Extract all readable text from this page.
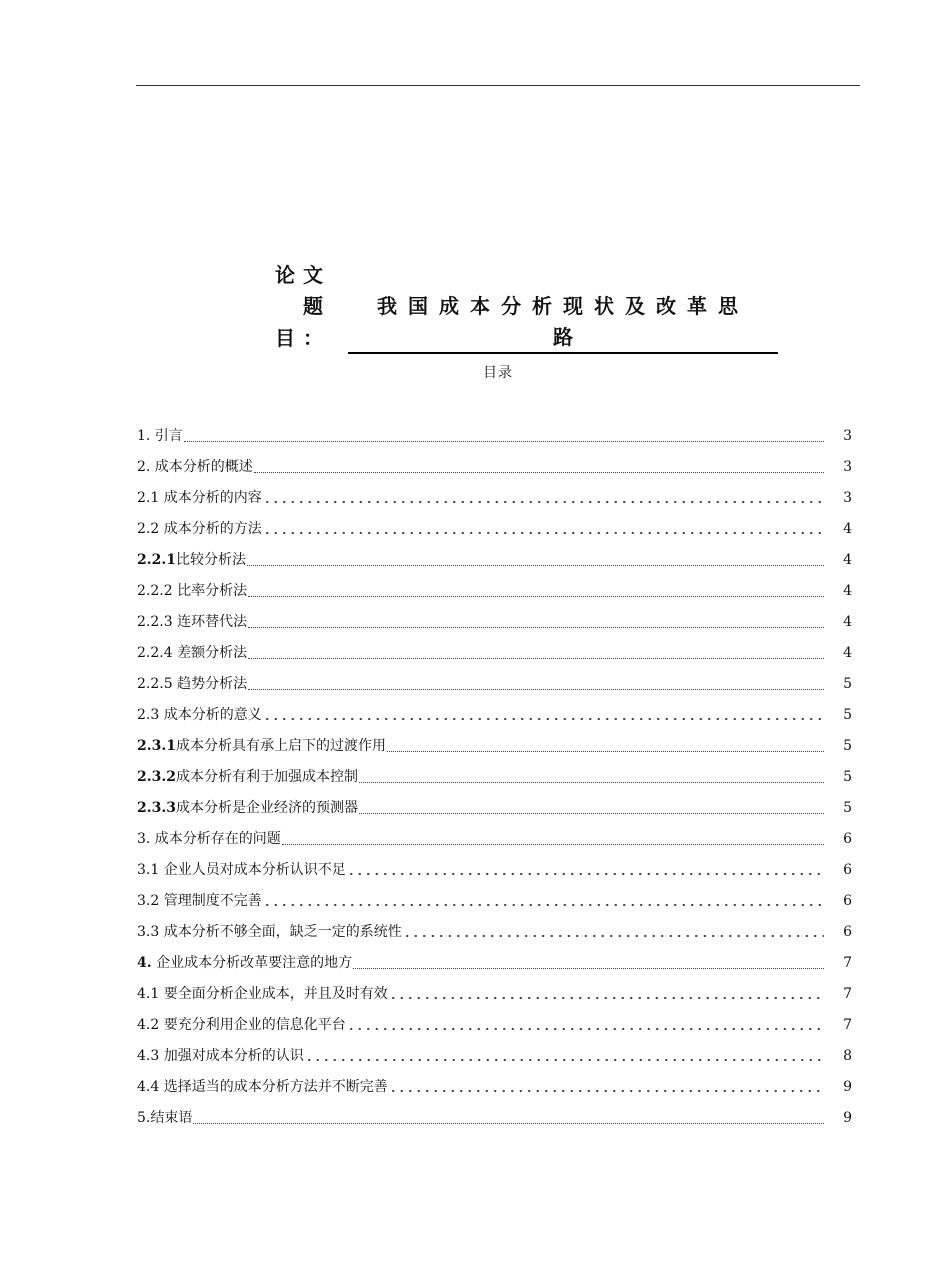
论 文
题
目 ：
我国成本分析现状及改革思
路
目录
1. 引言	3
2. 成本分析的概述	3
2.1 成本分析的内容	3
2.2 成本分析的方法	4
2.2.1比较分析法	4
2.2.2 比率分析法	4
2.2.3 连环替代法	4
2.2.4 差额分析法	4
2.2.5 趋势分析法	5
2.3 成本分析的意义	5
2.3.1成本分析具有承上启下的过渡作用	5
2.3.2成本分析有利于加强成本控制	5
2.3.3成本分析是企业经济的预测器	5
3. 成本分析存在的问题	6
3.1 企业人员对成本分析认识不足	6
3.2 管理制度不完善	6
3.3 成本分析不够全面，缺乏一定的系统性	6
4. 企业成本分析改革要注意的地方	7
4.1 要全面分析企业成本，并且及时有效	7
4.2 要充分利用企业的信息化平台	7
4.3 加强对成本分析的认识	8
4.4 选择适当的成本分析方法并不断完善	9
5.结束语	9
